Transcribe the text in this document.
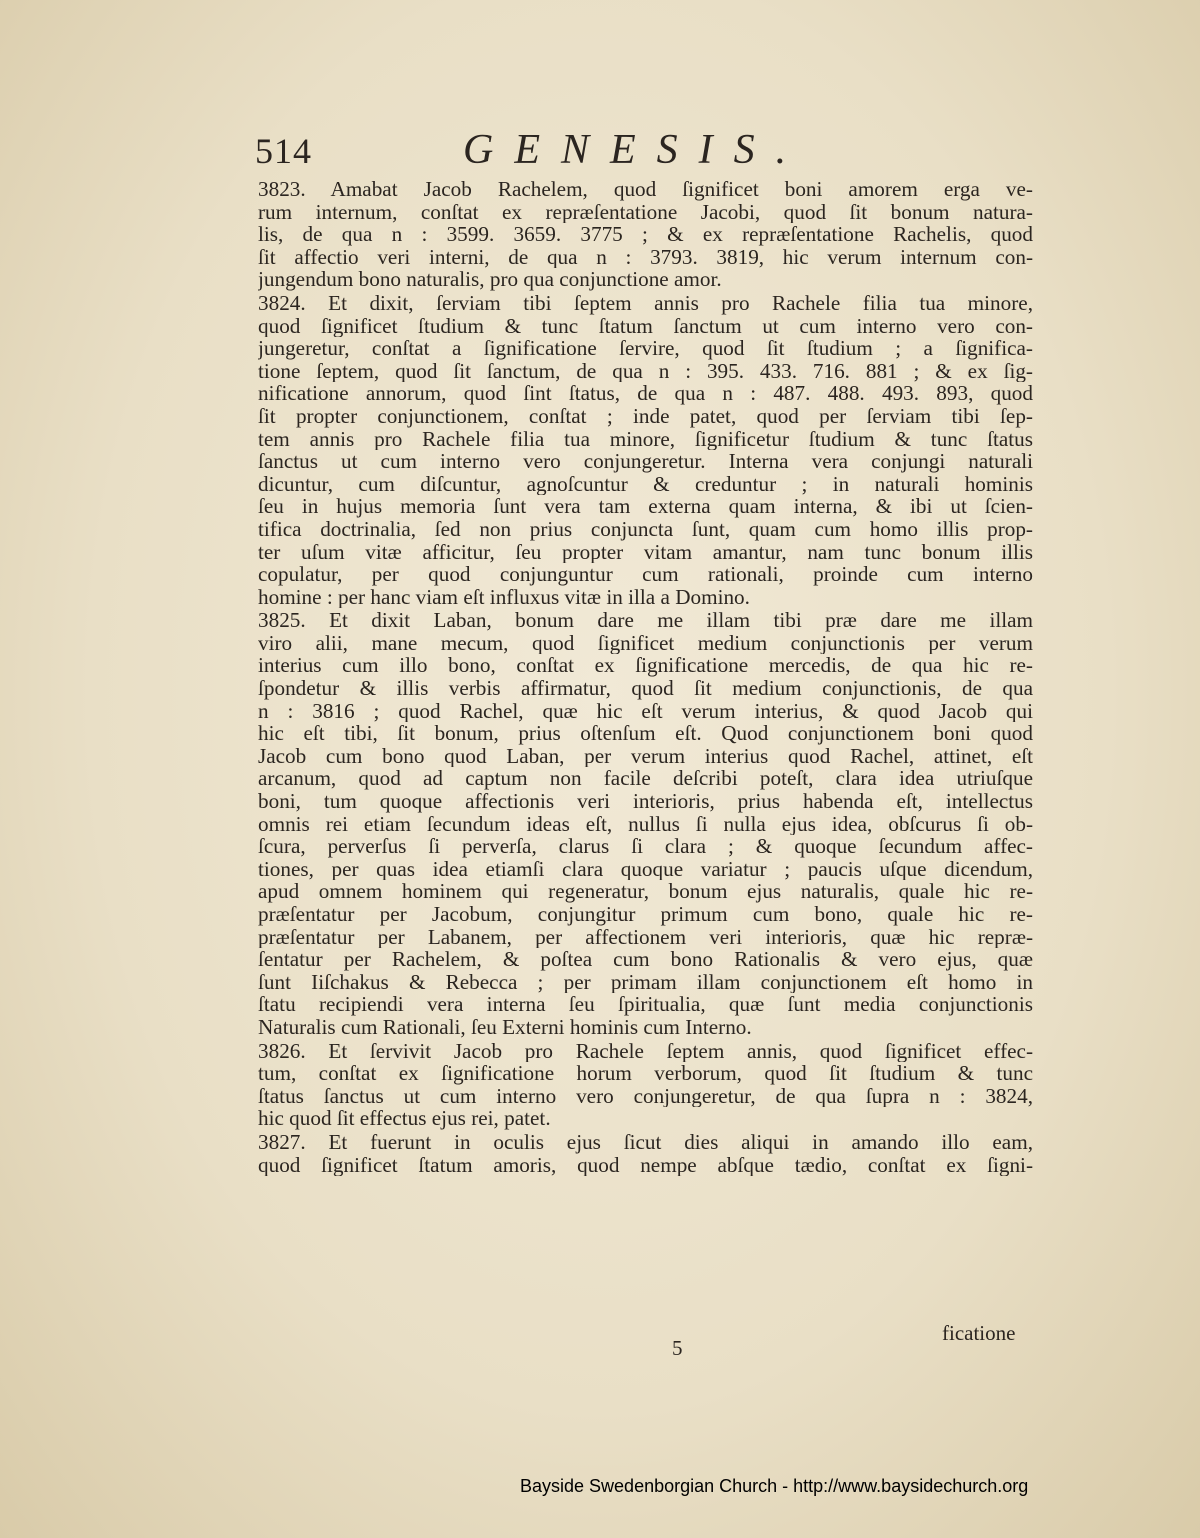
514	GENESIS.
3823. Amabat Jacob Rachelem, quod ſignificet boni amorem erga ve-
rum internum, conſtat ex repræſentatione Jacobi, quod ſit bonum natura-
lis, de qua n : 3599. 3659. 3775 ; & ex repræſentatione Rachelis, quod
ſit affectio veri interni, de qua n : 3793. 3819, hic verum internum con-
jungendum bono naturalis, pro qua conjunctione amor.
3824. Et dixit, ſerviam tibi ſeptem annis pro Rachele filia tua minore,
quod ſignificet ſtudium & tunc ſtatum ſanctum ut cum interno vero con-
jungeretur, conſtat a ſignificatione ſervire, quod ſit ſtudium ; a ſignifica-
tione ſeptem, quod ſit ſanctum, de qua n : 395. 433. 716. 881 ; & ex ſig-
nificatione annorum, quod ſint ſtatus, de qua n : 487. 488. 493. 893, quod
ſit propter conjunctionem, conſtat ; inde patet, quod per ſerviam tibi ſep-
tem annis pro Rachele filia tua minore, ſignificetur ſtudium & tunc ſtatus
ſanctus ut cum interno vero conjungeretur. Interna vera conjungi naturali
dicuntur, cum diſcuntur, agnoſcuntur & creduntur ; in naturali hominis
ſeu in hujus memoria ſunt vera tam externa quam interna, & ibi ut ſcien-
tifica doctrinalia, ſed non prius conjuncta ſunt, quam cum homo illis prop-
ter uſum vitæ afficitur, ſeu propter vitam amantur, nam tunc bonum illis
copulatur, per quod conjunguntur cum rationali, proinde cum interno
homine : per hanc viam eſt influxus vitæ in illa a Domino.
3825. Et dixit Laban, bonum dare me illam tibi præ dare me illam
viro alii, mane mecum, quod ſignificet medium conjunctionis per verum
interius cum illo bono, conſtat ex ſignificatione mercedis, de qua hic re-
ſpondetur & illis verbis affirmatur, quod ſit medium conjunctionis, de qua
n : 3816 ; quod Rachel, quæ hic eſt verum interius, & quod Jacob qui
hic eſt tibi, ſit bonum, prius oſtenſum eſt. Quod conjunctionem boni quod
Jacob cum bono quod Laban, per verum interius quod Rachel, attinet, eſt
arcanum, quod ad captum non facile deſcribi poteſt, clara idea utriuſque
boni, tum quoque affectionis veri interioris, prius habenda eſt, intellectus
omnis rei etiam ſecundum ideas eſt, nullus ſi nulla ejus idea, obſcurus ſi ob-
ſcura, perverſus ſi perverſa, clarus ſi clara ; & quoque ſecundum affec-
tiones, per quas idea etiamſi clara quoque variatur ; paucis uſque dicendum,
apud omnem hominem qui regeneratur, bonum ejus naturalis, quale hic re-
præſentatur per Jacobum, conjungitur primum cum bono, quale hic re-
præſentatur per Labanem, per affectionem veri interioris, quæ hic repræ-
ſentatur per Rachelem, & poſtea cum bono Rationalis & vero ejus, quæ
ſunt Iiſchakus & Rebecca ; per primam illam conjunctionem eſt homo in
ſtatu recipiendi vera interna ſeu ſpiritualia, quæ ſunt media conjunctionis
Naturalis cum Rationali, ſeu Externi hominis cum Interno.
3826. Et ſervivit Jacob pro Rachele ſeptem annis, quod ſignificet effec-
tum, conſtat ex ſignificatione horum verborum, quod ſit ſtudium & tunc
ſtatus ſanctus ut cum interno vero conjungeretur, de qua ſupra n : 3824,
hic quod ſit effectus ejus rei, patet.
3827. Et fuerunt in oculis ejus ſicut dies aliqui in amando illo eam,
quod ſignificet ſtatum amoris, quod nempe abſque tædio, conſtat ex ſigni-
5
ficatione
Bayside Swedenborgian Church - http://www.baysidechurch.org
